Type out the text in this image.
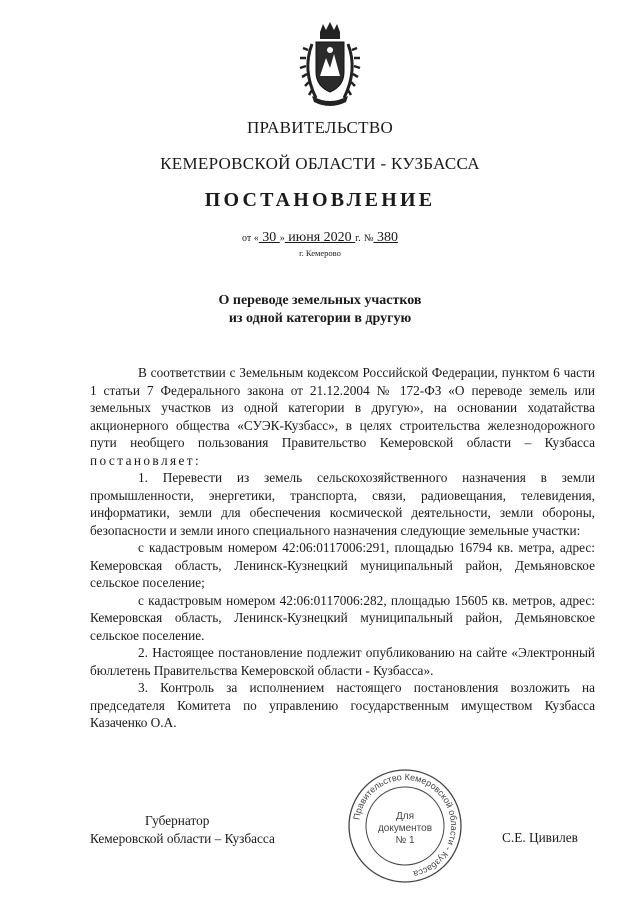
ПРАВИТЕЛЬСТВО
КЕМЕРОВСКОЙ ОБЛАСТИ - КУЗБАССА
ПОСТАНОВЛЕНИЕ
от « 30 » июня 2020 г. № 380
г. Кемерово
О переводе земельных участков
из одной категории в другую

В соответствии с Земельным кодексом Российской Федерации, пунктом 6 части 1 статьи 7 Федерального закона от 21.12.2004 № 172-ФЗ «О переводе земель или земельных участков из одной категории в другую», на основании ходатайства акционерного общества «СУЭК-Кузбасс», в целях строительства железнодорожного пути необщего пользования Правительство Кемеровской области – Кузбасса постановляет:

1. Перевести из земель сельскохозяйственного назначения в земли промышленности, энергетики, транспорта, связи, радиовещания, телевидения, информатики, земли для обеспечения космической деятельности, земли обороны, безопасности и земли иного специального назначения следующие земельные участки:

с кадастровым номером 42:06:0117006:291, площадью 16794 кв. метра, адрес: Кемеровская область, Ленинск-Кузнецкий муниципальный район, Демьяновское сельское поселение;

с кадастровым номером 42:06:0117006:282, площадью 15605 кв. метров, адрес: Кемеровская область, Ленинск-Кузнецкий муниципальный район, Демьяновское сельское поселение.

2. Настоящее постановление подлежит опубликованию на сайте «Электронный бюллетень Правительства Кемеровской области - Кузбасса».

3. Контроль за исполнением настоящего постановления возложить на председателя Комитета по управлению государственным имуществом Кузбасса Казаченко О.А.

Губернатор
Кемеровской области – Кузбасса
Правительство Кемеровской области - Кузбасса
Для
документов
№ 1	С.Е. Цивилев
